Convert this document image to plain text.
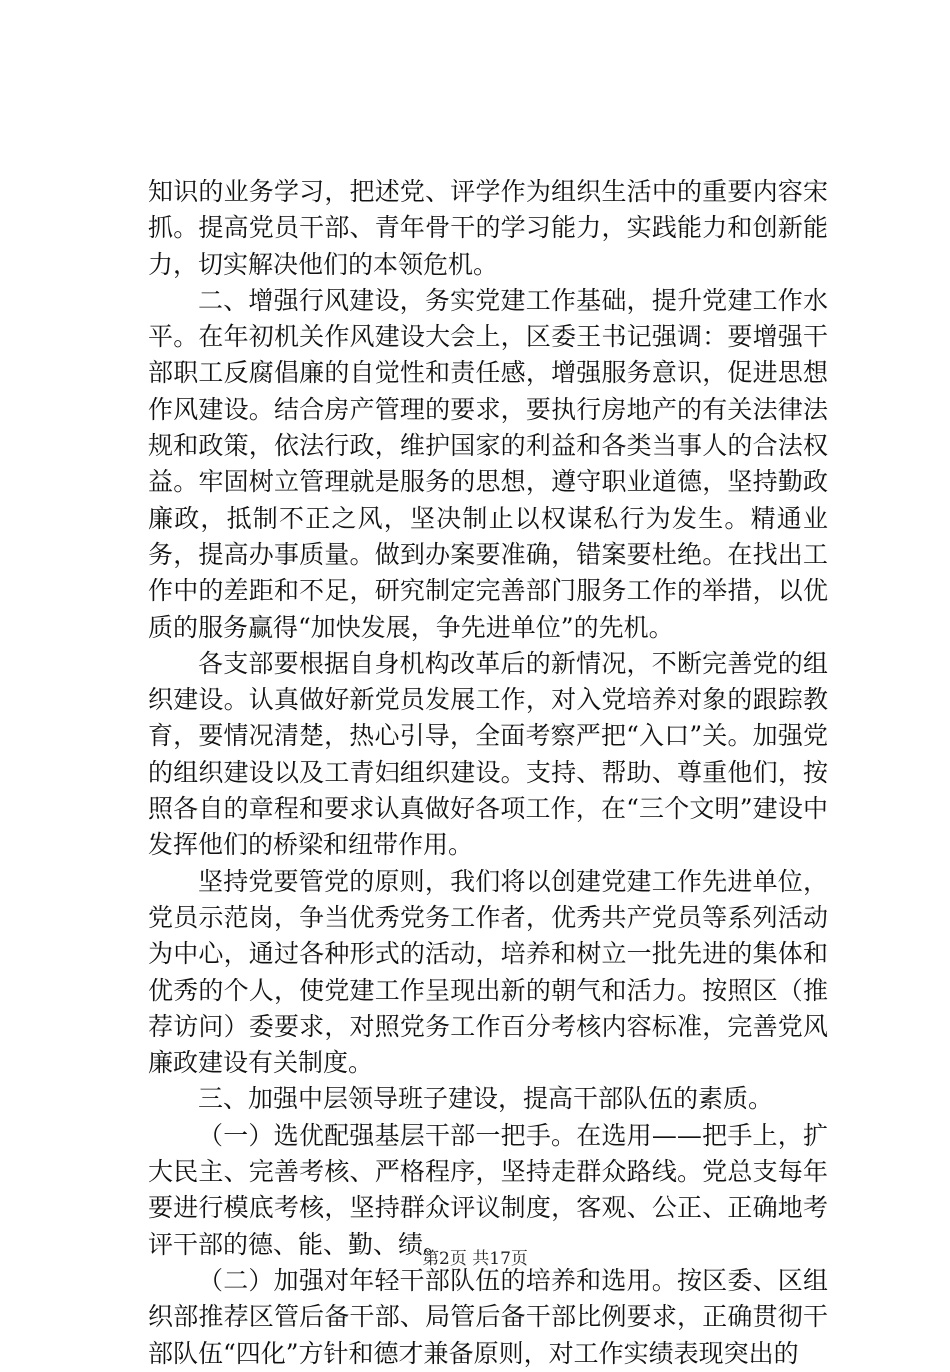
知识的业务学习，把述党、评学作为组织生活中的重要内容宋抓。提高党员干部、青年骨干的学习能力，实践能力和创新能力，切实解决他们的本领危机。

二、增强行风建设，务实党建工作基础，提升党建工作水平。在年初机关作风建设大会上，区委王书记强调：要增强干部职工反腐倡廉的自觉性和责任感，增强服务意识，促进思想作风建设。结合房产管理的要求，要执行房地产的有关法律法规和政策，依法行政，维护国家的利益和各类当事人的合法权益。牢固树立管理就是服务的思想，遵守职业道德，坚持勤政廉政，抵制不正之风，坚决制止以权谋私行为发生。精通业务，提高办事质量。做到办案要准确，错案要杜绝。在找出工作中的差距和不足，研究制定完善部门服务工作的举措，以优质的服务赢得“加快发展，争先进单位”的先机。

各支部要根据自身机构改革后的新情况，不断完善党的组织建设。认真做好新党员发展工作，对入党培养对象的跟踪教育，要情况清楚，热心引导，全面考察严把“入口”关。加强党的组织建设以及工青妇组织建设。支持、帮助、尊重他们，按照各自的章程和要求认真做好各项工作，在“三个文明”建设中发挥他们的桥梁和纽带作用。

坚持党要管党的原则，我们将以创建党建工作先进单位，党员示范岗，争当优秀党务工作者，优秀共产党员等系列活动为中心，通过各种形式的活动，培养和树立一批先进的集体和优秀的个人，使党建工作呈现出新的朝气和活力。按照区（推荐访问）委要求，对照党务工作百分考核内容标准，完善党风廉政建设有关制度。

三、加强中层领导班子建设，提高干部队伍的素质。

（一）选优配强基层干部一把手。在选用——把手上，扩大民主、完善考核、严格程序，坚持走群众路线。党总支每年要进行模底考核，坚持群众评议制度，客观、公正、正确地考评干部的德、能、勤、绩。

（二）加强对年轻干部队伍的培养和选用。按区委、区组织部推荐区管后备干部、局管后备干部比例要求，正确贯彻干部队伍“四化”方针和德才兼备原则，对工作实绩表现突出的

第2页 共17页
